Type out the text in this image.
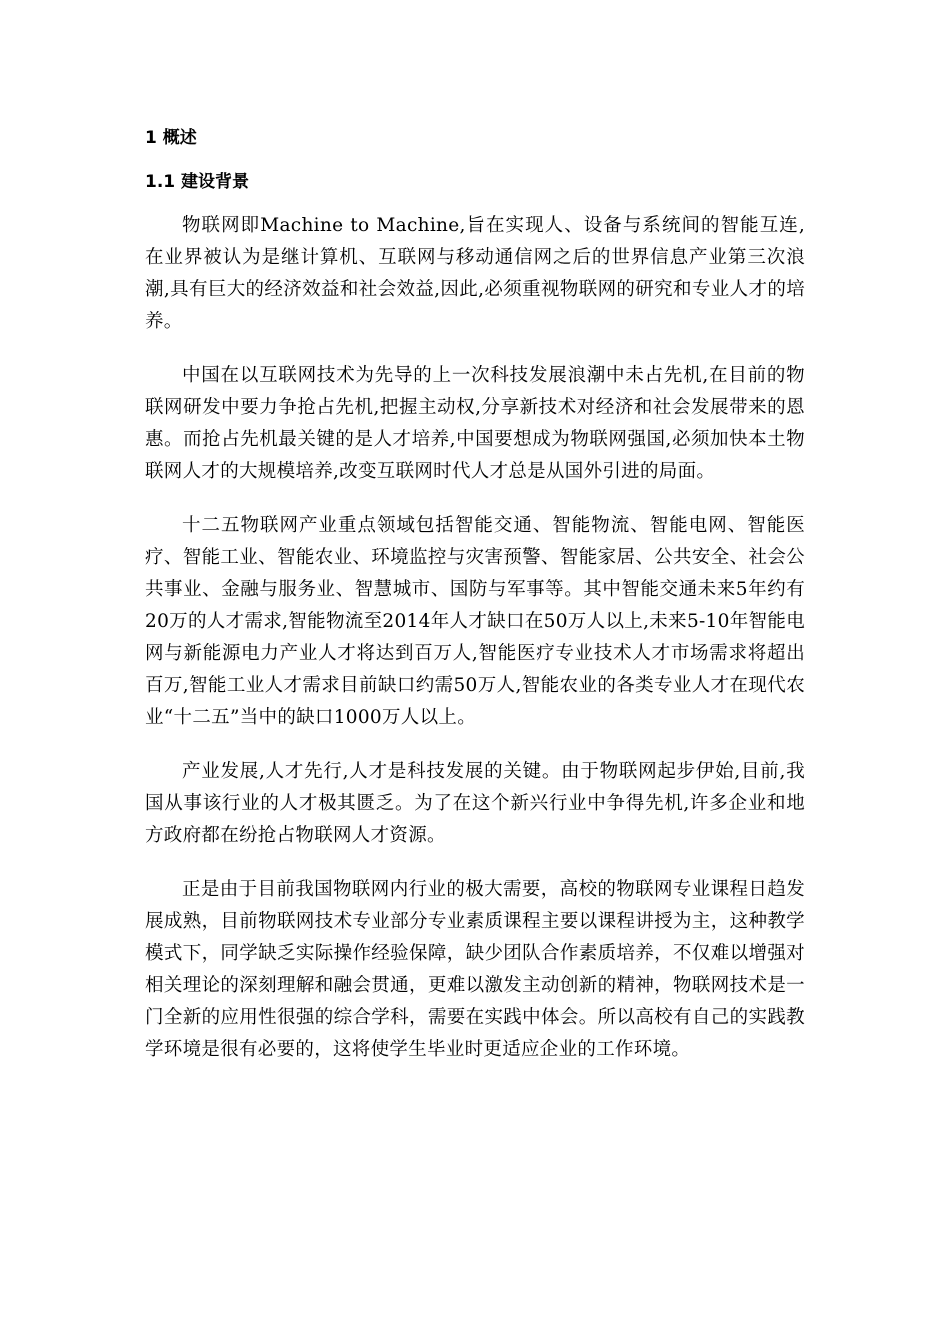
1 概述
1.1 建设背景

物联网即Machine to Machine,旨在实现人、设备与系统间的智能互连,在业界被认为是继计算机、互联网与移动通信网之后的世界信息产业第三次浪潮,具有巨大的经济效益和社会效益,因此,必须重视物联网的研究和专业人才的培养。

中国在以互联网技术为先导的上一次科技发展浪潮中未占先机,在目前的物联网研发中要力争抢占先机,把握主动权,分享新技术对经济和社会发展带来的恩惠。而抢占先机最关键的是人才培养,中国要想成为物联网强国,必须加快本土物联网人才的大规模培养,改变互联网时代人才总是从国外引进的局面。

十二五物联网产业重点领域包括智能交通、智能物流、智能电网、智能医疗、智能工业、智能农业、环境监控与灾害预警、智能家居、公共安全、社会公共事业、金融与服务业、智慧城市、国防与军事等。其中智能交通未来5年约有20万的人才需求,智能物流至2014年人才缺口在50万人以上,未来5-10年智能电网与新能源电力产业人才将达到百万人,智能医疗专业技术人才市场需求将超出百万,智能工业人才需求目前缺口约需50万人,智能农业的各类专业人才在现代农业“十二五”当中的缺口1000万人以上。

产业发展,人才先行,人才是科技发展的关键。由于物联网起步伊始,目前,我国从事该行业的人才极其匮乏。为了在这个新兴行业中争得先机,许多企业和地方政府都在纷抢占物联网人才资源。

正是由于目前我国物联网内行业的极大需要，高校的物联网专业课程日趋发展成熟，目前物联网技术专业部分专业素质课程主要以课程讲授为主，这种教学模式下，同学缺乏实际操作经验保障，缺少团队合作素质培养，不仅难以增强对相关理论的深刻理解和融会贯通，更难以激发主动创新的精神，物联网技术是一门全新的应用性很强的综合学科，需要在实践中体会。所以高校有自己的实践教学环境是很有必要的，这将使学生毕业时更适应企业的工作环境。
